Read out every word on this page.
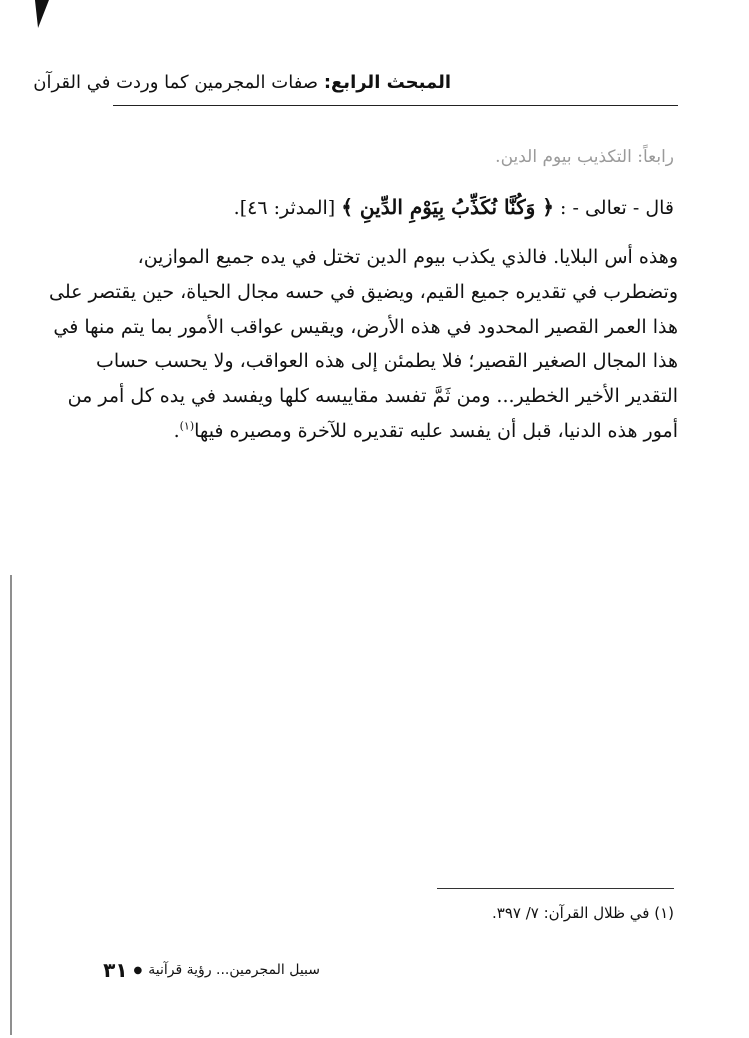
المبحث الرابع: صفات المجرمين كما وردت في القرآن
رابعاً: التكذيب بيوم الدين.
قال - تعالى - : ﴿ وَكُنَّا نُكَذِّبُ بِيَوْمِ الدِّينِ ﴾ [المدثر: ٤٦].
وهذه أس البلايا. فالذي يكذب بيوم الدين تختل في يده جميع الموازين،
وتضطرب في تقديره جميع القيم، ويضيق في حسه مجال الحياة، حين يقتصر على
هذا العمر القصير المحدود في هذه الأرض، ويقيس عواقب الأمور بما يتم منها في
هذا المجال الصغير القصير؛ فلا يطمئن إلى هذه العواقب، ولا يحسب حساب
التقدير الأخير الخطير... ومن ثَمَّ تفسد مقاييسه كلها ويفسد في يده كل أمر من
أمور هذه الدنيا، قبل أن يفسد عليه تقديره للآخرة ومصيره فيها$^{(١)}$.
(١) في ظلال القرآن: ٧/ ٣٩٧.
سبيل المجرمين... رؤية قرآنية
●
٣١
